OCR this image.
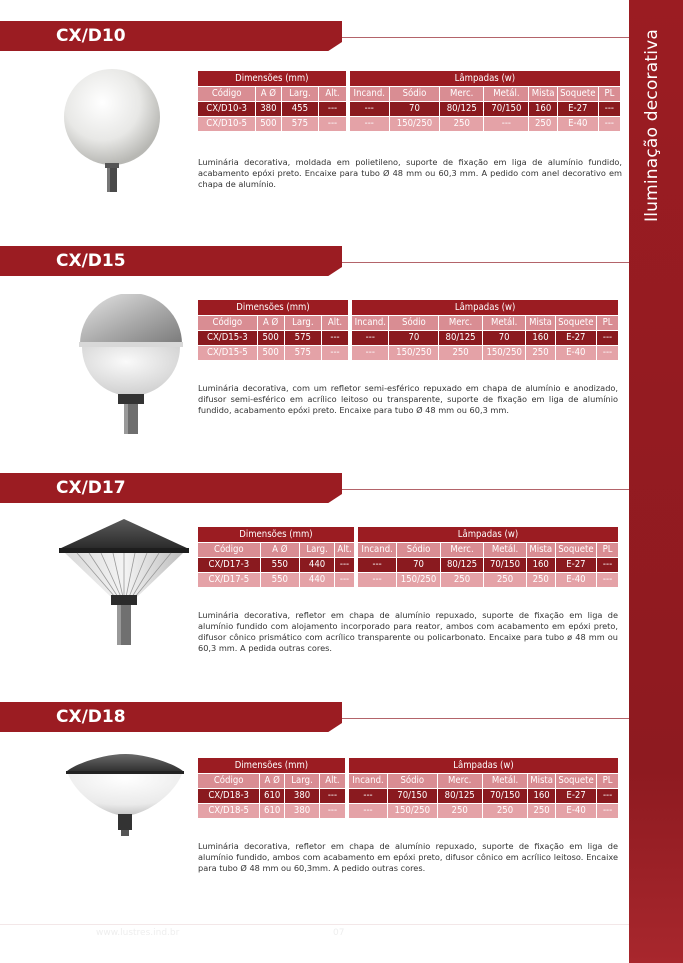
Iluminação decorativa
CX/D10
Dimensões (mm)					Lâmpadas (w)						
Código	A Ø	Larg.	Alt.		Incand.	Sódio	Merc.	Metál.	Mista	Soquete	PL
CX/D10-3	380	455	---		---	70	80/125	70/150	160	E-27	---
CX/D10-5	500	575	---		---	150/250	250	---	250	E-40	---

Luminária decorativa, moldada em polietileno, suporte de fixação em liga de alumínio fundido, acabamento epóxi preto. Encaixe para tubo Ø 48 mm ou 60,3 mm. A pedido com anel decorativo em chapa de alumínio.

CX/D15
Dimensões (mm)					Lâmpadas (w)						
Código	A Ø	Larg.	Alt.		Incand.	Sódio	Merc.	Metál.	Mista	Soquete	PL
CX/D15-3	500	575	---		---	70	80/125	70	160	E-27	---
CX/D15-5	500	575	---		---	150/250	250	150/250	250	E-40	---

Luminária decorativa, com um refletor semi-esférico repuxado em chapa de alumínio e anodizado, difusor semi-esférico em acrílico leitoso ou transparente, suporte de fixação em liga de alumínio fundido, acabamento epóxi preto. Encaixe para tubo Ø 48 mm ou 60,3 mm.

CX/D17
Dimensões (mm)					Lâmpadas (w)						
Código	A Ø	Larg.	Alt.		Incand.	Sódio	Merc.	Metál.	Mista	Soquete	PL
CX/D17-3	550	440	---		---	70	80/125	70/150	160	E-27	---
CX/D17-5	550	440	---		---	150/250	250	250	250	E-40	---

Luminária decorativa, refletor em chapa de alumínio repuxado, suporte de fixação em liga de alumínio fundido com alojamento incorporado para reator, ambos com acabamento em epóxi preto, difusor cônico prismático com acrílico transparente ou policarbonato. Encaixe para tubo ø 48 mm ou 60,3 mm. A pedida outras cores.

CX/D18
Dimensões (mm)					Lâmpadas (w)						
Código	A Ø	Larg.	Alt.		Incand.	Sódio	Merc.	Metál.	Mista	Soquete	PL
CX/D18-3	610	380	---		---	70/150	80/125	70/150	160	E-27	---
CX/D18-5	610	380	---		---	150/250	250	250	250	E-40	---

Luminária decorativa, refletor em chapa de alumínio repuxado, suporte de fixação em liga de alumínio fundido, ambos com acabamento em epóxi preto, difusor cônico em acrílico leitoso. Encaixe para tubo Ø 48 mm ou 60,3mm. A pedido outras cores.

www.lustres.ind.br	07
